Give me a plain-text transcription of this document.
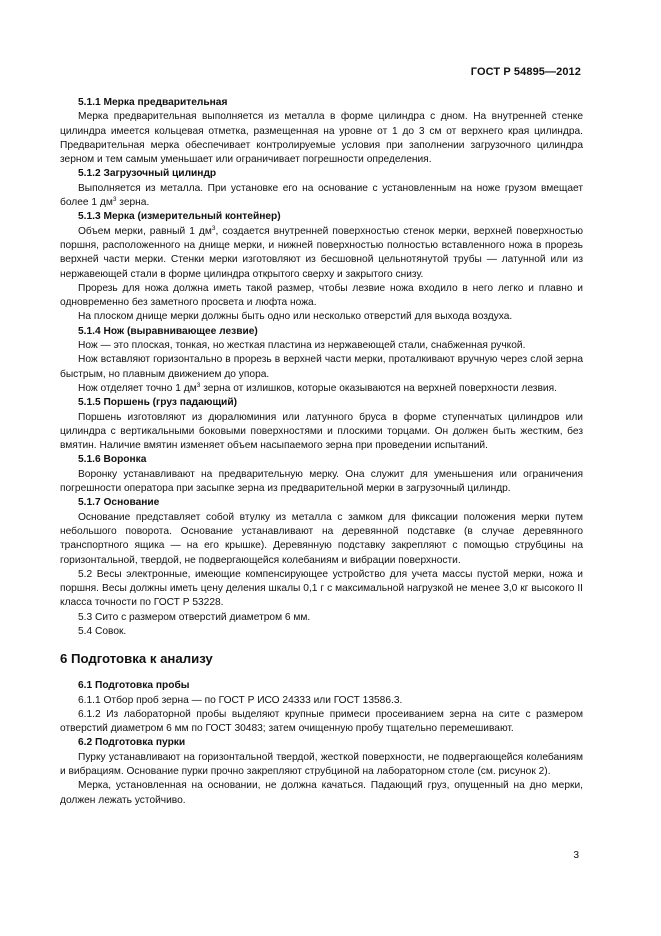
ГОСТ Р 54895—2012
5.1.1 Мерка предварительная

Мерка предварительная выполняется из металла в форме цилиндра с дном. На внутренней стенке цилиндра имеется кольцевая отметка, размещенная на уровне от 1 до 3 см от верхнего края цилиндра. Предварительная мерка обеспечивает контролируемые условия при заполнении загрузочного цилиндра зерном и тем самым уменьшает или ограничивает погрешности определения.

5.1.2 Загрузочный цилиндр

Выполняется из металла. При установке его на основание с установленным на ноже грузом вмещает более 1 $дм^3$ зерна.

5.1.3 Мерка (измерительный контейнер)

Объем мерки, равный 1 $дм^3$, создается внутренней поверхностью стенок мерки, верхней поверхностью поршня, расположенного на днище мерки, и нижней поверхностью полностью вставленного ножа в прорезь верхней части мерки. Стенки мерки изготовляют из бесшовной цельнотянутой трубы — латунной или из нержавеющей стали в форме цилиндра открытого сверху и закрытого снизу.

Прорезь для ножа должна иметь такой размер, чтобы лезвие ножа входило в него легко и плавно и одновременно без заметного просвета и люфта ножа.

На плоском днище мерки должны быть одно или несколько отверстий для выхода воздуха.

5.1.4 Нож (выравнивающее лезвие)

Нож — это плоская, тонкая, но жесткая пластина из нержавеющей стали, снабженная ручкой.

Нож вставляют горизонтально в прорезь в верхней части мерки, проталкивают вручную через слой зерна быстрым, но плавным движением до упора.

Нож отделяет точно 1 $дм^3$ зерна от излишков, которые оказываются на верхней поверхности лезвия.

5.1.5 Поршень (груз падающий)

Поршень изготовляют из дюралюминия или латунного бруса в форме ступенчатых цилиндров или цилиндра с вертикальными боковыми поверхностями и плоскими торцами. Он должен быть жестким, без вмятин. Наличие вмятин изменяет объем насыпаемого зерна при проведении испытаний.

5.1.6 Воронка

Воронку устанавливают на предварительную мерку. Она служит для уменьшения или ограничения погрешности оператора при засыпке зерна из предварительной мерки в загрузочный цилиндр.

5.1.7 Основание

Основание представляет собой втулку из металла с замком для фиксации положения мерки путем небольшого поворота. Основание устанавливают на деревянной подставке (в случае деревянного транспортного ящика — на его крышке). Деревянную подставку закрепляют с помощью струбцины на горизонтальной, твердой, не подвергающейся колебаниям и вибрации поверхности.

5.2 Весы электронные, имеющие компенсирующее устройство для учета массы пустой мерки, ножа и поршня. Весы должны иметь цену деления шкалы 0,1 г с максимальной нагрузкой не менее 3,0 кг высокого II класса точности по ГОСТ Р 53228.

5.3 Сито с размером отверстий диаметром 6 мм.

5.4 Совок.

6 Подготовка к анализу
6.1 Подготовка пробы

6.1.1 Отбор проб зерна — по ГОСТ Р ИСО 24333 или ГОСТ 13586.3.

6.1.2 Из лабораторной пробы выделяют крупные примеси просеиванием зерна на сите с размером отверстий диаметром 6 мм по ГОСТ 30483; затем очищенную пробу тщательно перемешивают.

6.2 Подготовка пурки

Пурку устанавливают на горизонтальной твердой, жесткой поверхности, не подвергающейся колебаниям и вибрациям. Основание пурки прочно закрепляют струбциной на лабораторном столе (см. рисунок 2).

Мерка, установленная на основании, не должна качаться. Падающий груз, опущенный на дно мерки, должен лежать устойчиво.

3
